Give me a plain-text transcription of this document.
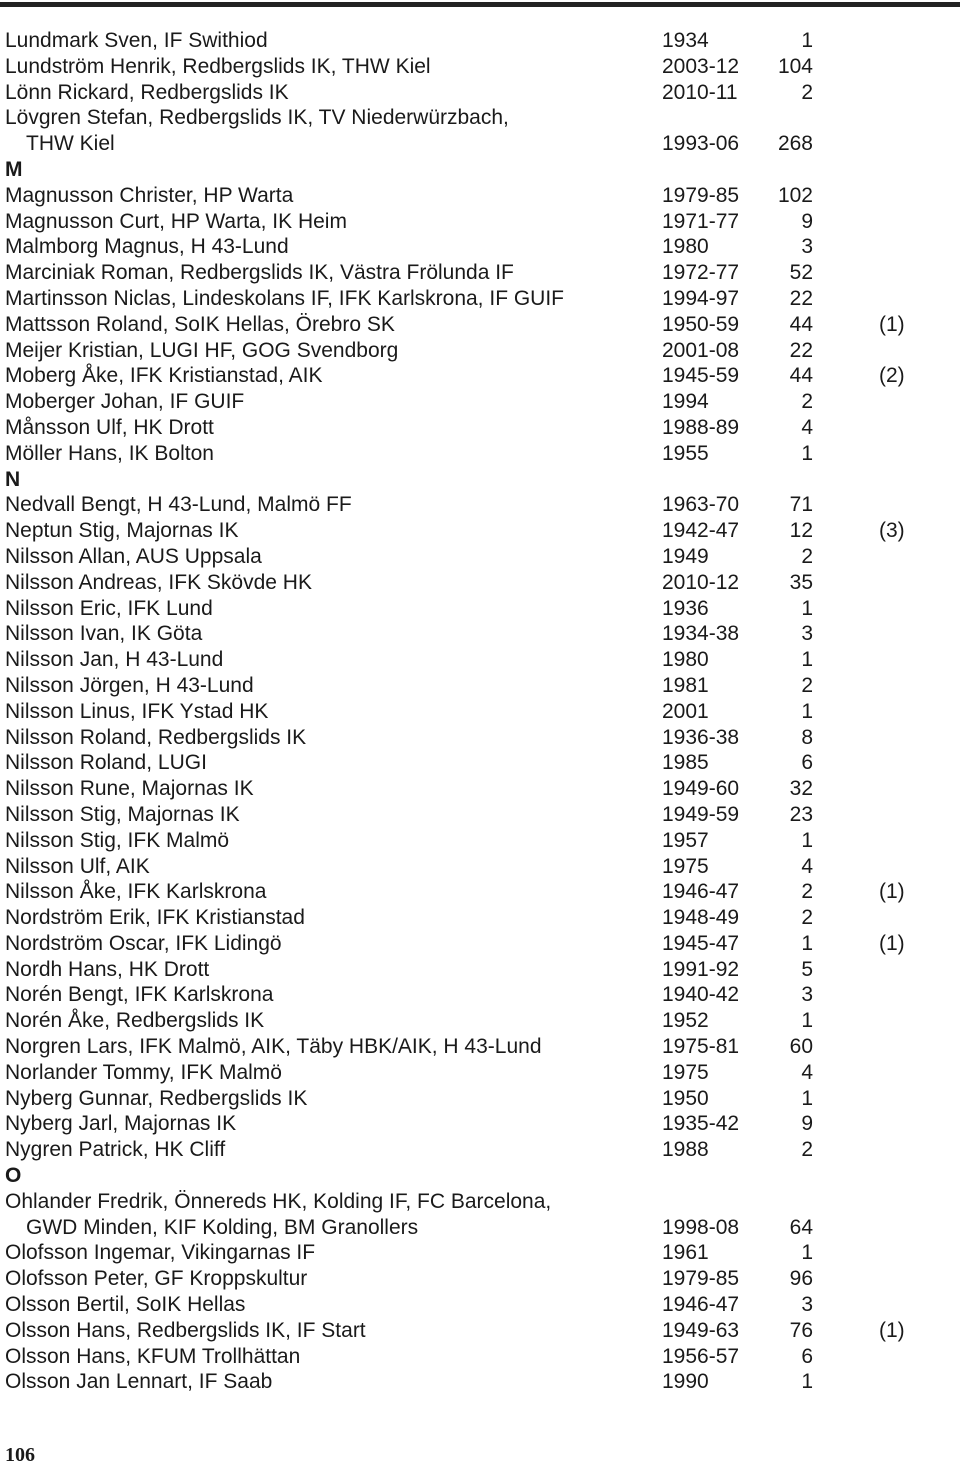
Lundmark Sven, IF Swithiod	1934	1
Lundström Henrik, Redbergslids IK, THW Kiel	2003-12	104
Lönn Rickard, Redbergslids IK	2010-11	2
Lövgren Stefan, Redbergslids IK, TV Niederwürzbach,
THW Kiel	1993-06	268
M
Magnusson Christer, HP Warta	1979-85	102
Magnusson Curt, HP Warta, IK Heim	1971-77	9
Malmborg Magnus, H 43-Lund	1980	3
Marciniak Roman, Redbergslids IK, Västra Frölunda IF	1972-77	52
Martinsson Niclas, Lindeskolans IF, IFK Karlskrona, IF GUIF	1994-97	22
Mattsson Roland, SoIK Hellas, Örebro SK	1950-59	44	(1)
Meijer Kristian, LUGI HF, GOG Svendborg	2001-08	22
Moberg Åke, IFK Kristianstad, AIK	1945-59	44	(2)
Moberger Johan, IF GUIF	1994	2
Månsson Ulf, HK Drott	1988-89	4
Möller Hans, IK Bolton	1955	1
N
Nedvall Bengt, H 43-Lund, Malmö FF	1963-70	71
Neptun Stig, Majornas IK	1942-47	12	(3)
Nilsson Allan, AUS Uppsala	1949	2
Nilsson Andreas, IFK Skövde HK	2010-12	35
Nilsson Eric, IFK Lund	1936	1
Nilsson Ivan, IK Göta	1934-38	3
Nilsson Jan, H 43-Lund	1980	1
Nilsson Jörgen, H 43-Lund	1981	2
Nilsson Linus, IFK Ystad HK	2001	1
Nilsson Roland, Redbergslids IK	1936-38	8
Nilsson Roland, LUGI	1985	6
Nilsson Rune, Majornas IK	1949-60	32
Nilsson Stig, Majornas IK	1949-59	23
Nilsson Stig, IFK Malmö	1957	1
Nilsson Ulf, AIK	1975	4
Nilsson Åke, IFK Karlskrona	1946-47	2	(1)
Nordström Erik, IFK Kristianstad	1948-49	2
Nordström Oscar, IFK Lidingö	1945-47	1	(1)
Nordh Hans, HK Drott	1991-92	5
Norén Bengt, IFK Karlskrona	1940-42	3
Norén Åke, Redbergslids IK	1952	1
Norgren Lars, IFK Malmö, AIK, Täby HBK/AIK, H 43-Lund	1975-81	60
Norlander Tommy, IFK Malmö	1975	4
Nyberg Gunnar, Redbergslids IK	1950	1
Nyberg Jarl, Majornas IK	1935-42	9
Nygren Patrick, HK Cliff	1988	2
O
Ohlander Fredrik, Önnereds HK, Kolding IF, FC Barcelona,
GWD Minden, KIF Kolding, BM Granollers	1998-08	64
Olofsson Ingemar, Vikingarnas IF	1961	1
Olofsson Peter, GF Kroppskultur	1979-85	96
Olsson Bertil, SoIK Hellas	1946-47	3
Olsson Hans, Redbergslids IK, IF Start	1949-63	76	(1)
Olsson Hans, KFUM Trollhättan	1956-57	6
Olsson Jan Lennart, IF Saab	1990	1
106
